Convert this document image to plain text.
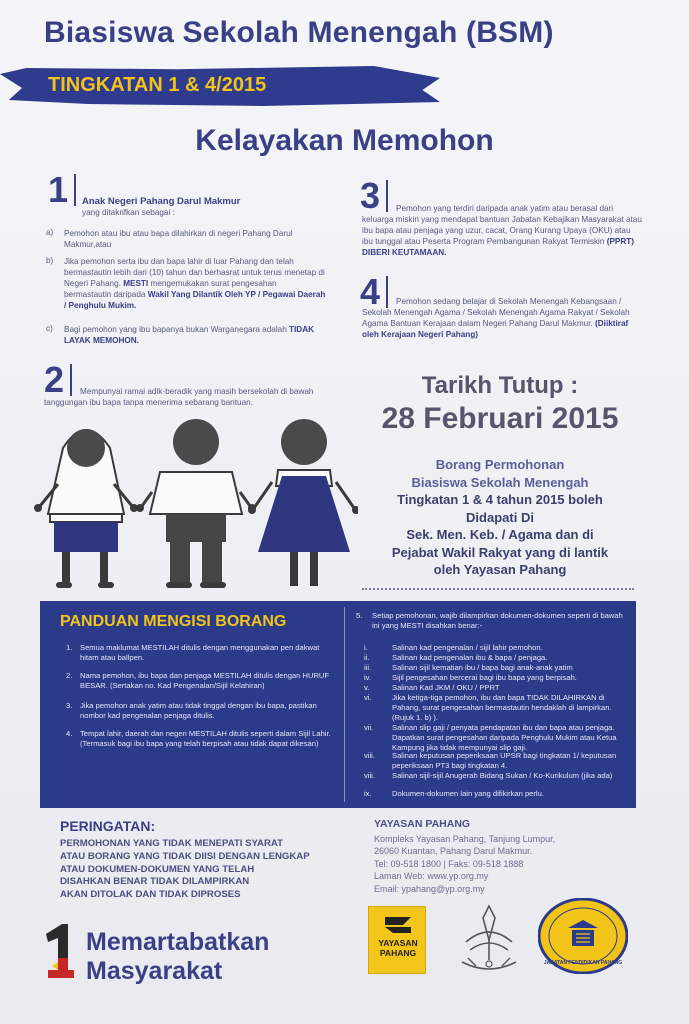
Biasiswa Sekolah Menengah (BSM)
TINGKATAN 1 & 4/2015
Kelayakan Memohon
1 Anak Negeri Pahang Darul Makmur
yang ditakrifkan sebagai :
a) Pemohon atau ibu atau bapa dilahirkan di negeri Pahang Darul Makmur,atau
b) Jika pemohon serta ibu dan bapa lahir di luar Pahang dan telah bermastautin lebih dari (10) tahun dan berhasrat untuk terus menetap di Negeri Pahang. MESTI mengemukakan surat pengesahan bermastautin daripada Wakil Yang Dilantik Oleh YP / Pegawai Daerah / Penghulu Mukim.
c) Bagi pemohon yang ibu bapanya bukan Warganegara adalah TIDAK LAYAK MEMOHON.
3	Pemohon yang terdiri daripada anak yatim atau berasal dari keluarga miskin yang mendapat bantuan Jabatan Kebajikan Masyarakat atau ibu bapa atau penjaga yang uzur, cacat, Orang Kurang Upaya (OKU) atau ibu tunggal atau Peserta Program Pembangunan Rakyat Termiskin (PPRT) DIBERI KEUTAMAAN.
4	Pemohon sedang belajar di Sekolah Menengah Kebangsaan / Sekolah Menengah Agama / Sekolah Menengah Agama Rakyat / Sekolah Agama Bantuan Kerajaan dalam Negeri Pahang Darul Makmur. (Diiktiraf oleh Kerajaan Negeri Pahang)
2	Mempunyai ramai adik-beradik yang masih bersekolah di bawah tanggungan ibu bapa tanpa menerima sebarang bantuan.
Tarikh Tutup :
28 Februari 2015
Borang Permohonan
Biasiswa Sekolah Menengah
Tingkatan 1 & 4 tahun 2015 boleh
Didapati Di
Sek. Men. Keb. / Agama dan di
Pejabat Wakil Rakyat yang di lantik
oleh Yayasan Pahang
PANDUAN MENGISI BORANG
1. Semua maklumat MESTILAH ditulis dengan menggunakan pen dakwat hitam atau ballpen.
2. Nama pemohon, ibu bapa dan penjaga MESTILAH ditulis dengan HURUF BESAR. (Sertakan no. Kad Pengenalan/Sijil Kelahiran)
3. Jika pemohon anak yatim atau tidak tinggal dengan ibu bapa, pastikan nombor kad pengenalan penjaga ditulis.
4. Tempat lahir, daerah dan negeri MESTILAH ditulis seperti dalam Sijil Lahir. (Termasuk bagi ibu bapa yang telah berpisah atau tidak dapat dikesan)
5. Setiap pemohonan, wajib dilampirkan dokumen-dokumen seperti di bawah ini yang MESTI disahkan benar:-
i.	Salinan kad pengenalan / sijil lahir pemohon.
ii.	Salinan kad pengenalan ibu & bapa / penjaga.
iii.	Salinan sijil kematian ibu / bapa bagi anak-anak yatim
iv.	Sijil pengesahan bercerai bagi ibu bapa yang berpisah.
v.	Salinan Kad JKM / OKU / PPRT
vi.	Jika ketiga-tiga pemohon, ibu dan bapa TIDAK DILAHIRKAN di Pahang, surat pengesahan bermastautin hendaklah di lampirkan. (Rujuk 1. b) ).
vii. Salinan slip gaji / penyata pendapatan ibu dan bapa atau penjaga. Dapatkan surat pengesahan daripada Penghulu Mukim atau Ketua Kampung jika tidak mempunyai slip gaji.
viii. Salinan keputusan peperiksaan UPSR bagi tingkatan 1/ keputusan peperiksaan PT3 bagi tingkatan 4.
viii. Salinan sijil-sijil Anugerah Bidang Sukan / Ko-Kurikulum (jika ada)
ix.	Dokumen-dokumen lain yang difikirkan perlu.
PERINGATAN:
PERMOHONAN YANG TIDAK MENEPATI SYARAT
ATAU BORANG YANG TIDAK DIISI DENGAN LENGKAP
ATAU DOKUMEN-DOKUMEN YANG TELAH
DISAHKAN BENAR TIDAK DILAMPIRKAN
AKAN DITOLAK DAN TIDAK DIPROSES
YAYASAN PAHANG
Kompleks Yayasan Pahang, Tanjung Lumpur,
26060 Kuantan, Pahang Darul Makmur.
Tel: 09-518 1800 | Faks: 09-518 1888
Laman Web: www.yp.org.my
Email: ypahang@yp.org.my
Memartabatkan
Masyarakat
YAYASAN
PAHANG
JABATAN PENDIDIKAN PAHANG
